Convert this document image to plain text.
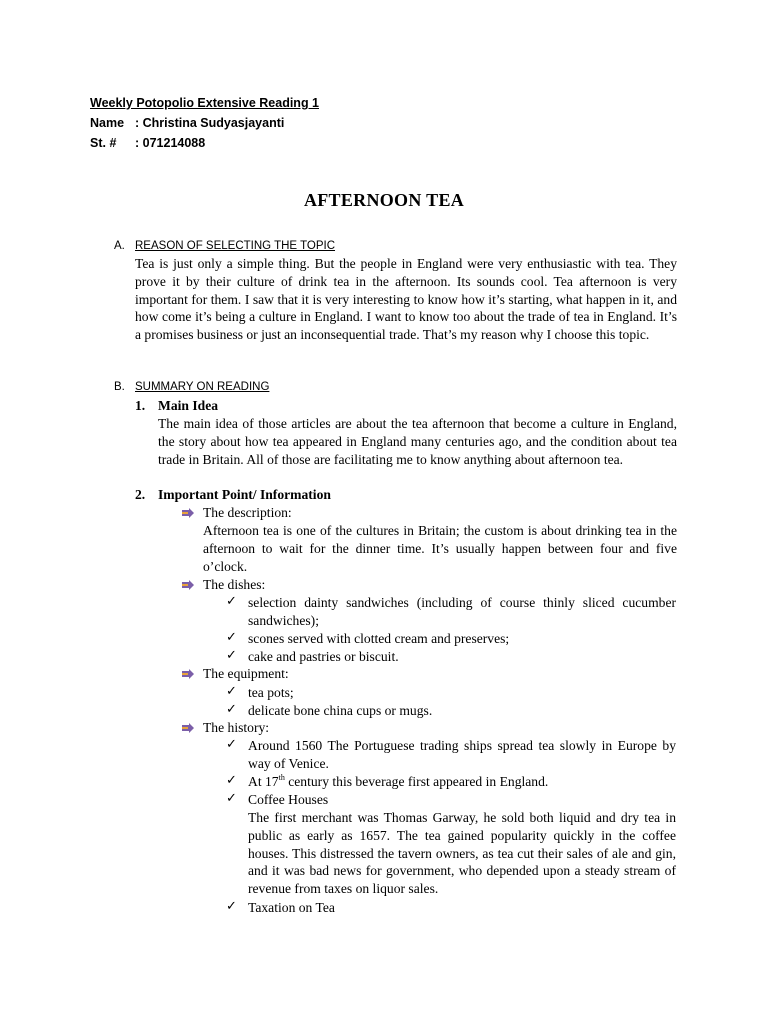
Weekly Potopolio Extensive Reading 1
Name : Christina Sudyasjayanti
St. #	: 071214088
AFTERNOON TEA
A. REASON OF SELECTING THE TOPIC
Tea is just only a simple thing. But the people in England were very enthusiastic with tea. They prove it by their culture of drink tea in the afternoon. Its sounds cool. Tea afternoon is very important for them. I saw that it is very interesting to know how it’s starting, what happen in it, and how come it’s being a culture in England. I want to know too about the trade of tea in England. It’s a promises business or just an inconsequential trade. That’s my reason why I choose this topic.
B. SUMMARY ON READING
1. Main Idea
The main idea of those articles are about the tea afternoon that become a culture in England, the story about how tea appeared in England many centuries ago, and the condition about tea trade in Britain. All of those are facilitating me to know anything about afternoon tea.
2. Important Point/ Information
The description:
Afternoon tea is one of the cultures in Britain; the custom is about drinking tea in the afternoon to wait for the dinner time. It’s usually happen between four and five o’clock.
The dishes:
✓ selection dainty sandwiches (including of course thinly sliced cucumber sandwiches);
✓ scones served with clotted cream and preserves;
✓ cake and pastries or biscuit.
The equipment:
✓ tea pots;
✓ delicate bone china cups or mugs.
The history:
✓ Around 1560 The Portuguese trading ships spread tea slowly in Europe by way of Venice.
✓ At 17th century this beverage first appeared in England.
✓ Coffee Houses
The first merchant was Thomas Garway, he sold both liquid and dry tea in public as early as 1657. The tea gained popularity quickly in the coffee houses. This distressed the tavern owners, as tea cut their sales of ale and gin, and it was bad news for government, who depended upon a steady stream of revenue from taxes on liquor sales.
✓ Taxation on Tea
